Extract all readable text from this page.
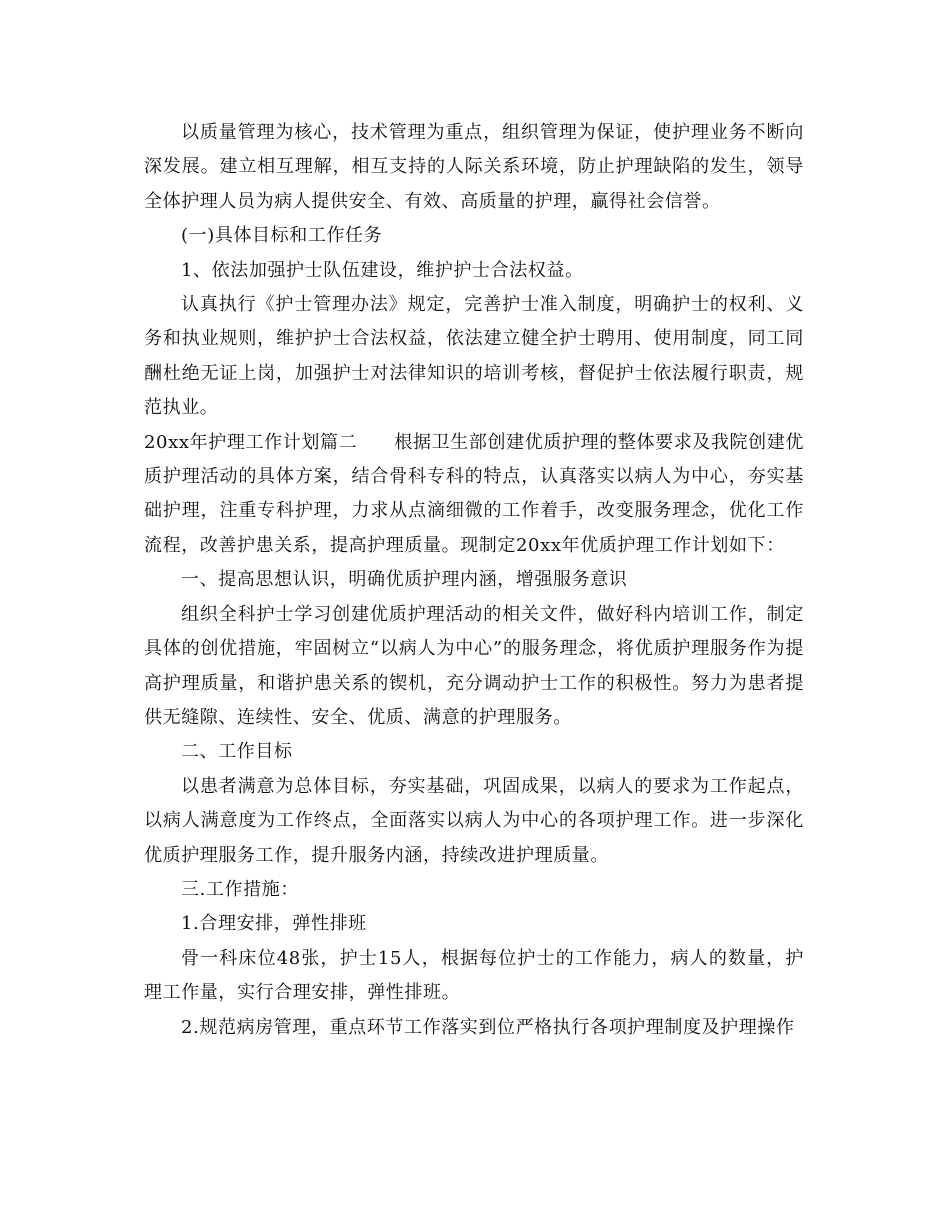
以质量管理为核心，技术管理为重点，组织管理为保证，使护理业务不断向深发展。建立相互理解，相互支持的人际关系环境，防止护理缺陷的发生，领导全体护理人员为病人提供安全、有效、高质量的护理，赢得社会信誉。

(一)具体目标和工作任务

1、依法加强护士队伍建设，维护护士合法权益。

认真执行《护士管理办法》规定，完善护士准入制度，明确护士的权利、义务和执业规则，维护护士合法权益，依法建立健全护士聘用、使用制度，同工同酬杜绝无证上岗，加强护士对法律知识的培训考核，督促护士依法履行职责，规范执业。

20xx年护理工作计划篇二　　根据卫生部创建优质护理的整体要求及我院创建优质护理活动的具体方案，结合骨科专科的特点，认真落实以病人为中心，夯实基础护理，注重专科护理，力求从点滴细微的工作着手，改变服务理念，优化工作流程，改善护患关系，提高护理质量。现制定20xx年优质护理工作计划如下：

一、提高思想认识，明确优质护理内涵，增强服务意识

组织全科护士学习创建优质护理活动的相关文件，做好科内培训工作，制定具体的创优措施，牢固树立“以病人为中心”的服务理念，将优质护理服务作为提高护理质量，和谐护患关系的锲机，充分调动护士工作的积极性。努力为患者提供无缝隙、连续性、安全、优质、满意的护理服务。

二、工作目标

以患者满意为总体目标，夯实基础，巩固成果，以病人的要求为工作起点，以病人满意度为工作终点，全面落实以病人为中心的各项护理工作。进一步深化优质护理服务工作，提升服务内涵，持续改进护理质量。

三.工作措施：

1.合理安排，弹性排班

骨一科床位48张，护士15人，根据每位护士的工作能力，病人的数量，护理工作量，实行合理安排，弹性排班。

2.规范病房管理，重点环节工作落实到位严格执行各项护理制度及护理操作
